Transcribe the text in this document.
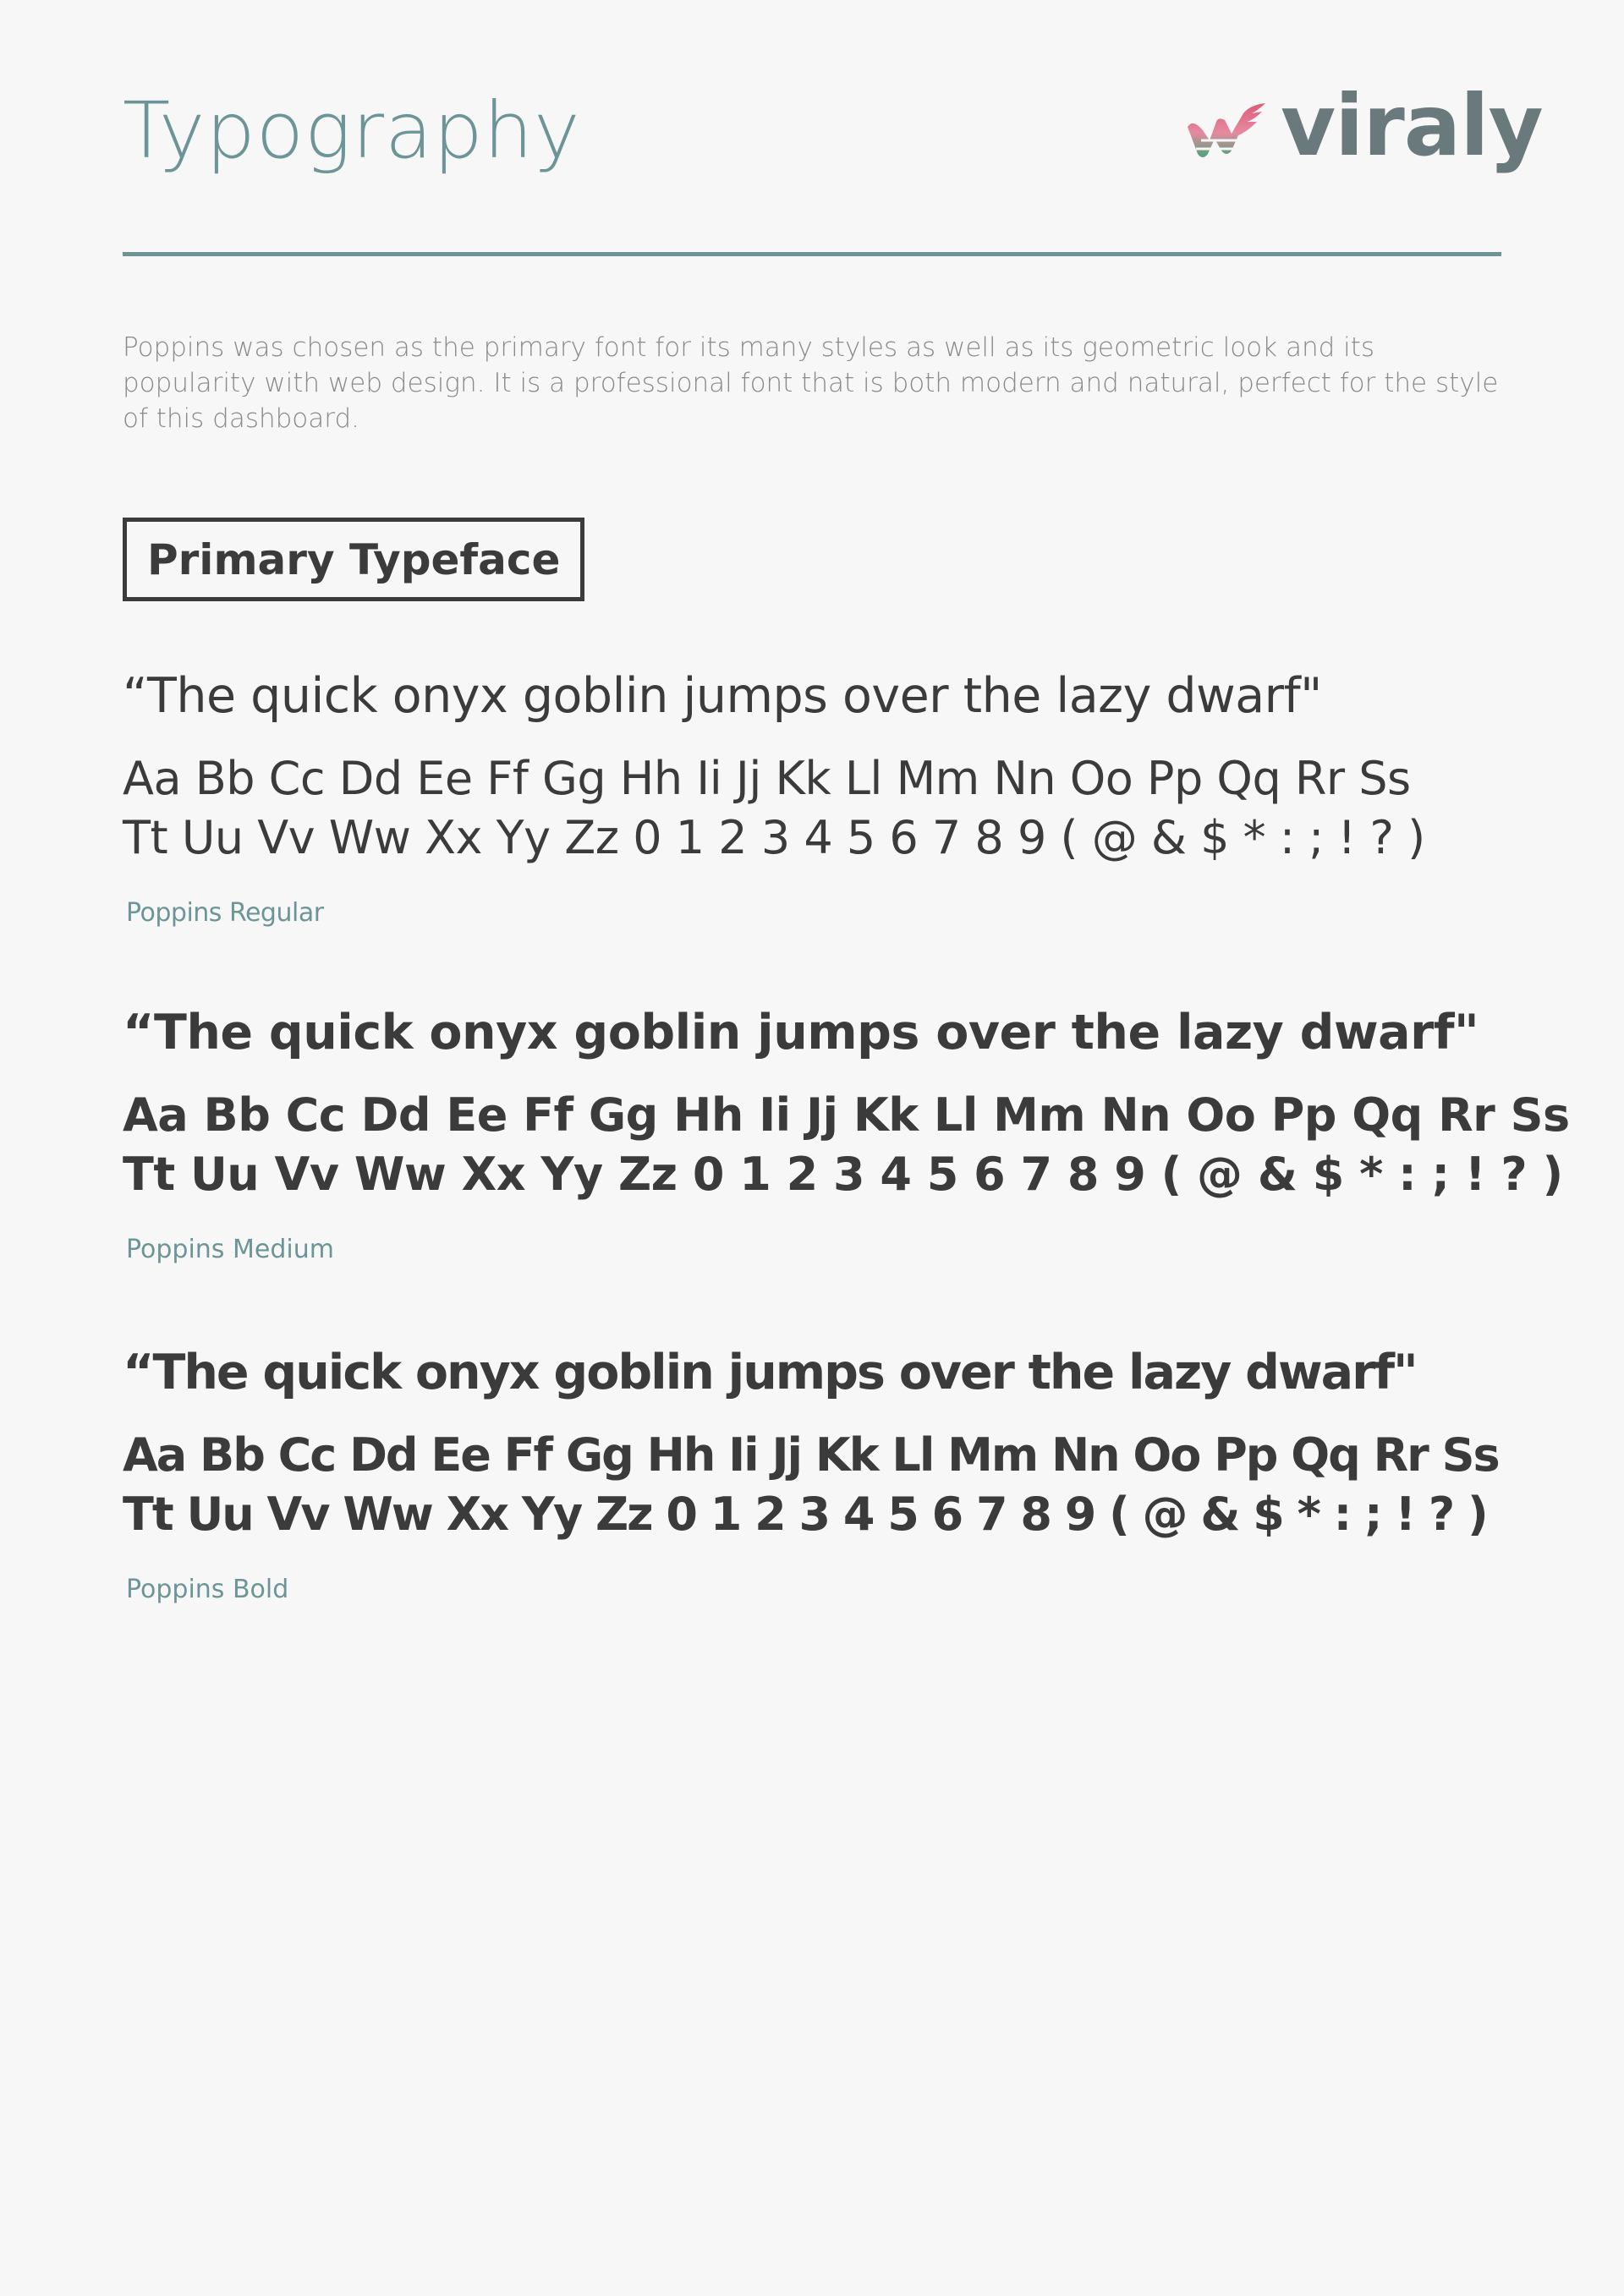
Typography	viraly

Poppins was chosen as the primary font for its many styles as well as its geometric look and its popularity with web design. It is a professional font that is both modern and natural, perfect for the style of this dashboard.

Primary Typeface

“The quick onyx goblin jumps over the lazy dwarf"

Aa Bb Cc Dd Ee Ff Gg Hh Ii Jj Kk Ll Mm Nn Oo Pp Qq Rr Ss
Tt Uu Vv Ww Xx Yy Zz 0 1 2 3 4 5 6 7 8 9 ( @ & $ * : ; ! ? )

Poppins Regular

“The quick onyx goblin jumps over the lazy dwarf"

Aa Bb Cc Dd Ee Ff Gg Hh Ii Jj Kk Ll Mm Nn Oo Pp Qq Rr Ss
Tt Uu Vv Ww Xx Yy Zz 0 1 2 3 4 5 6 7 8 9 ( @ & $ * : ; ! ? )

Poppins Medium

“The quick onyx goblin jumps over the lazy dwarf"

Aa Bb Cc Dd Ee Ff Gg Hh Ii Jj Kk Ll Mm Nn Oo Pp Qq Rr Ss
Tt Uu Vv Ww Xx Yy Zz 0 1 2 3 4 5 6 7 8 9 ( @ & $ * : ; ! ? )

Poppins Bold
